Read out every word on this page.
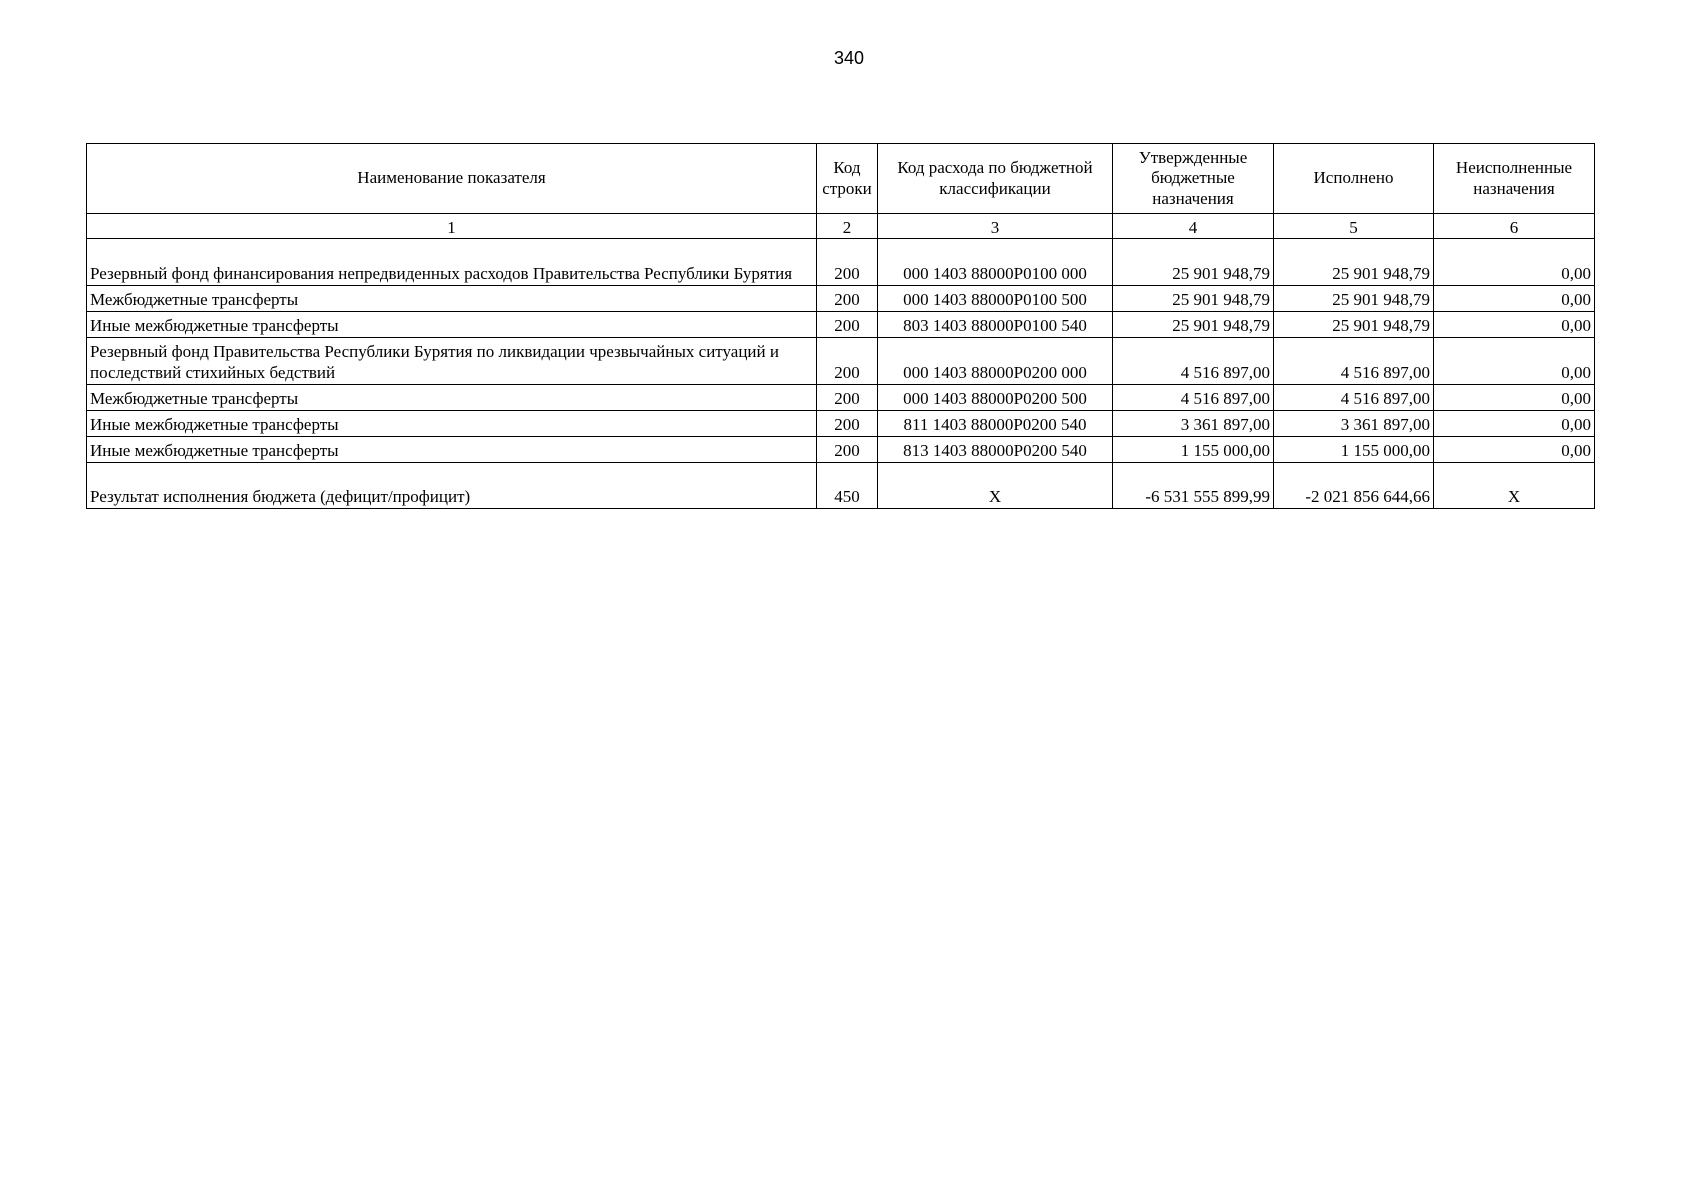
340
Наименование показателя	Код строки	Код расхода по бюджетной классификации	Утвержденные бюджетные назначения	Исполнено	Неисполненные назначения
1	2	3	4	5	6
Резервный фонд финансирования непредвиденных расходов Правительства Республики Бурятия	200	000 1403 88000Р0100 000	25 901 948,79	25 901 948,79	0,00
Межбюджетные трансферты	200	000 1403 88000Р0100 500	25 901 948,79	25 901 948,79	0,00
Иные межбюджетные трансферты	200	803 1403 88000Р0100 540	25 901 948,79	25 901 948,79	0,00
Резервный фонд Правительства Республики Бурятия по ликвидации чрезвычайных ситуаций и последствий стихийных бедствий	200	000 1403 88000Р0200 000	4 516 897,00	4 516 897,00	0,00
Межбюджетные трансферты	200	000 1403 88000Р0200 500	4 516 897,00	4 516 897,00	0,00
Иные межбюджетные трансферты	200	811 1403 88000Р0200 540	3 361 897,00	3 361 897,00	0,00
Иные межбюджетные трансферты	200	813 1403 88000Р0200 540	1 155 000,00	1 155 000,00	0,00
Результат исполнения бюджета (дефицит/профицит)	450	X	-6 531 555 899,99	-2 021 856 644,66	X
